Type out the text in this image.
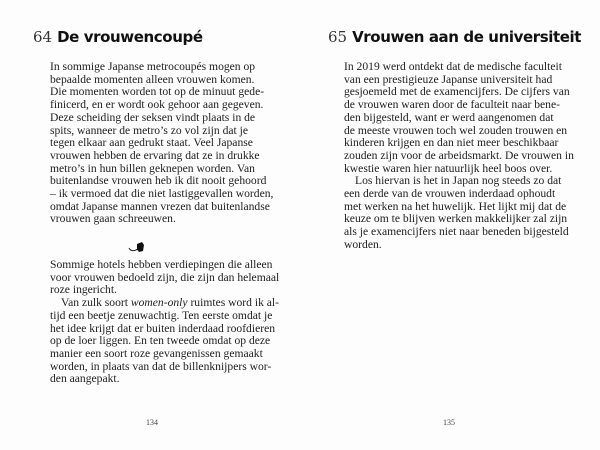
64 De vrouwencoupé
In sommige Japanse metrocoupés mogen op
bepaalde momenten alleen vrouwen komen.
Die momenten worden tot op de minuut gede-
finicerd, en er wordt ook gehoor aan gegeven.
Deze scheiding der seksen vindt plaats in de
spits, wanneer de metro’s zo vol zijn dat je
tegen elkaar aan gedrukt staat. Veel Japanse
vrouwen hebben de ervaring dat ze in drukke
metro’s in hun billen geknepen worden. Van
buitenlandse vrouwen heb ik dit nooit gehoord
– ik vermoed dat die niet lastiggevallen worden,
omdat Japanse mannen vrezen dat buitenlandse
vrouwen gaan schreeuwen.
Sommige hotels hebben verdiepingen die alleen
voor vrouwen bedoeld zijn, die zijn dan helemaal
roze ingericht.
Van zulk soort women-only ruimtes word ik al-
tijd een beetje zenuwachtig. Ten eerste omdat je
het idee krijgt dat er buiten inderdaad roofdieren
op de loer liggen. En ten tweede omdat op deze
manier een soort roze gevangenissen gemaakt
worden, in plaats van dat de billenknijpers wor-
den aangepakt.
134
65 Vrouwen aan de universiteit
In 2019 werd ontdekt dat de medische faculteit
van een prestigieuze Japanse universiteit had
gesjoemeld met de examencijfers. De cijfers van
de vrouwen waren door de faculteit naar bene-
den bijgesteld, want er werd aangenomen dat
de meeste vrouwen toch wel zouden trouwen en
kinderen krijgen en dan niet meer beschikbaar
zouden zijn voor de arbeidsmarkt. De vrouwen in
kwestie waren hier natuurlijk heel boos over.
Los hiervan is het in Japan nog steeds zo dat
een derde van de vrouwen inderdaad ophoudt
met werken na het huwelijk. Het lijkt mij dat de
keuze om te blijven werken makkelijker zal zijn
als je examencijfers niet naar beneden bijgesteld
worden.
135
